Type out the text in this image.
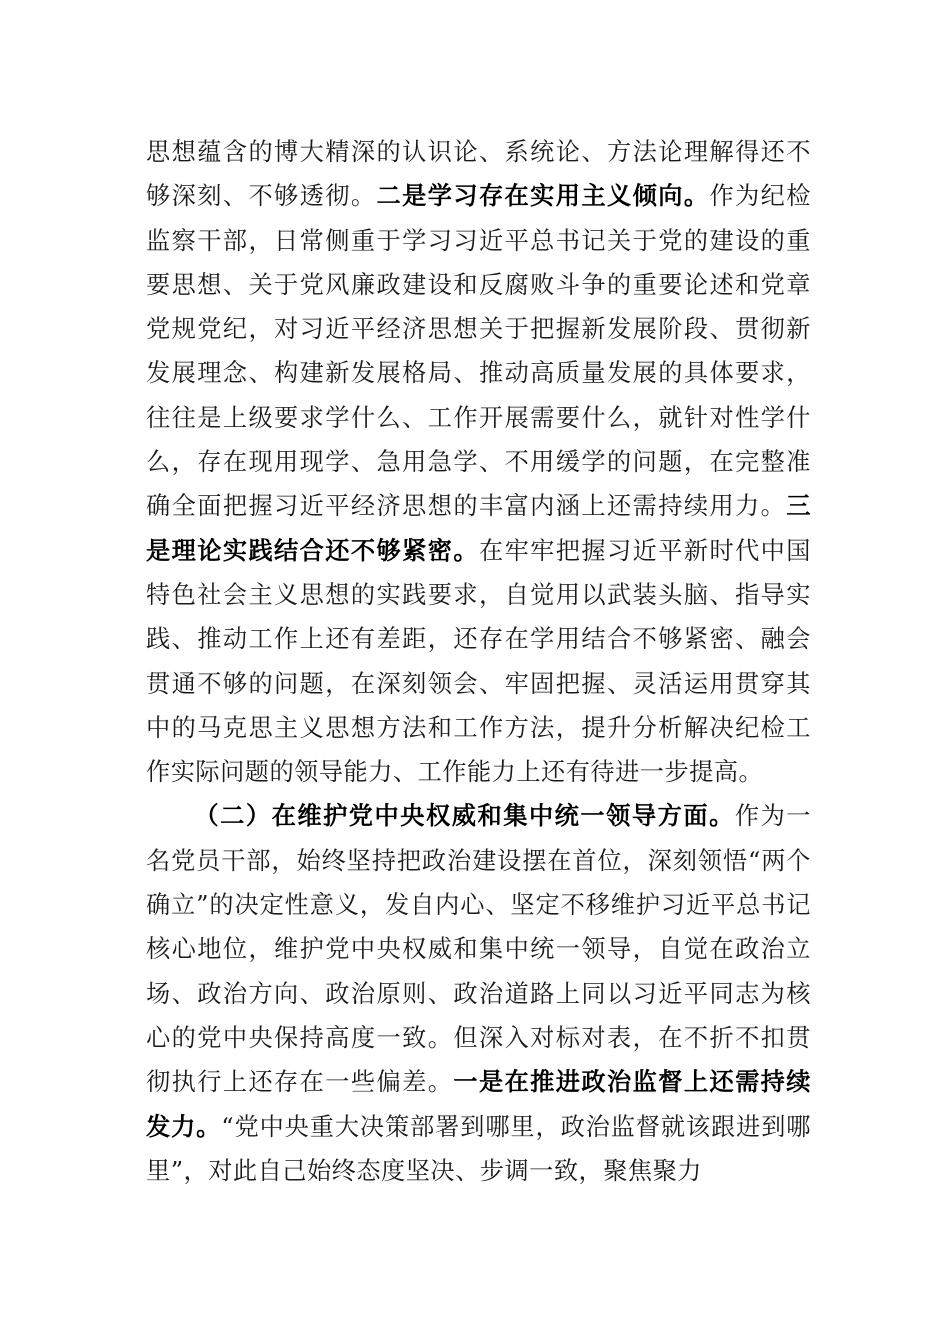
思想蕴含的博大精深的认识论、系统论、方法论理解得还不够深刻、不够透彻。二是学习存在实用主义倾向。作为纪检监察干部，日常侧重于学习习近平总书记关于党的建设的重要思想、关于党风廉政建设和反腐败斗争的重要论述和党章党规党纪，对习近平经济思想关于把握新发展阶段、贯彻新发展理念、构建新发展格局、推动高质量发展的具体要求，往往是上级要求学什么、工作开展需要什么，就针对性学什么，存在现用现学、急用急学、不用缓学的问题，在完整准确全面把握习近平经济思想的丰富内涵上还需持续用力。三是理论实践结合还不够紧密。在牢牢把握习近平新时代中国特色社会主义思想的实践要求，自觉用以武装头脑、指导实践、推动工作上还有差距，还存在学用结合不够紧密、融会贯通不够的问题，在深刻领会、牢固把握、灵活运用贯穿其中的马克思主义思想方法和工作方法，提升分析解决纪检工作实际问题的领导能力、工作能力上还有待进一步提高。

（二）在维护党中央权威和集中统一领导方面。作为一名党员干部，始终坚持把政治建设摆在首位，深刻领悟“两个确立”的决定性意义，发自内心、坚定不移维护习近平总书记核心地位，维护党中央权威和集中统一领导，自觉在政治立场、政治方向、政治原则、政治道路上同以习近平同志为核心的党中央保持高度一致。但深入对标对表，在不折不扣贯彻执行上还存在一些偏差。一是在推进政治监督上还需持续发力。“党中央重大决策部署到哪里，政治监督就该跟进到哪里”，对此自己始终态度坚决、步调一致，聚焦聚力
